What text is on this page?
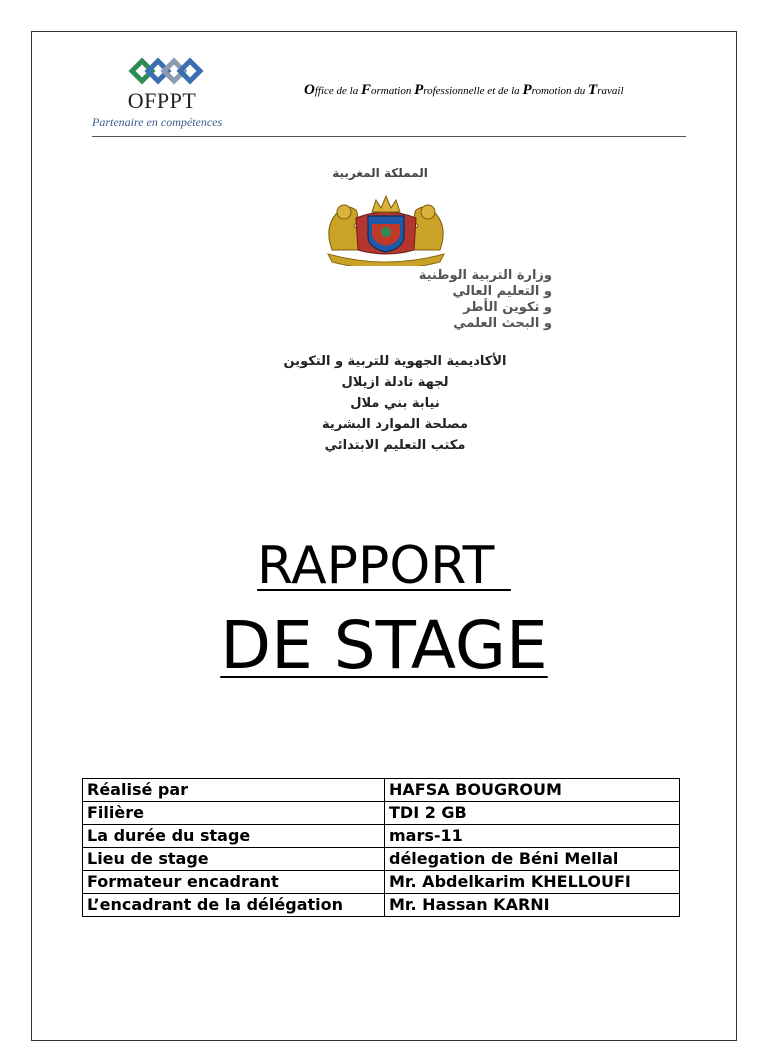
OFPPT
Partenaire en compétences
Office de la Formation Professionnelle et de la Promotion du Travail
المملكة المغربية
وزارة التربية الوطنية
و التعليم العالي
و تكوين الأطر
و البحث العلمي
الأكاديمية الجهوية للتربية و التكوين
لجهة تادلة ازيلال
نيابة بني ملال
مصلحة الموارد البشرية
مكتب التعليم الابتدائي
RAPPORT
DE STAGE
Réalisé par	HAFSA BOUGROUM
Filière	TDI 2 GB
La durée du stage	mars-11
Lieu de stage	délegation de Béni Mellal
Formateur encadrant	Mr. Abdelkarim KHELLOUFI
L’encadrant de la délégation	Mr. Hassan KARNI
